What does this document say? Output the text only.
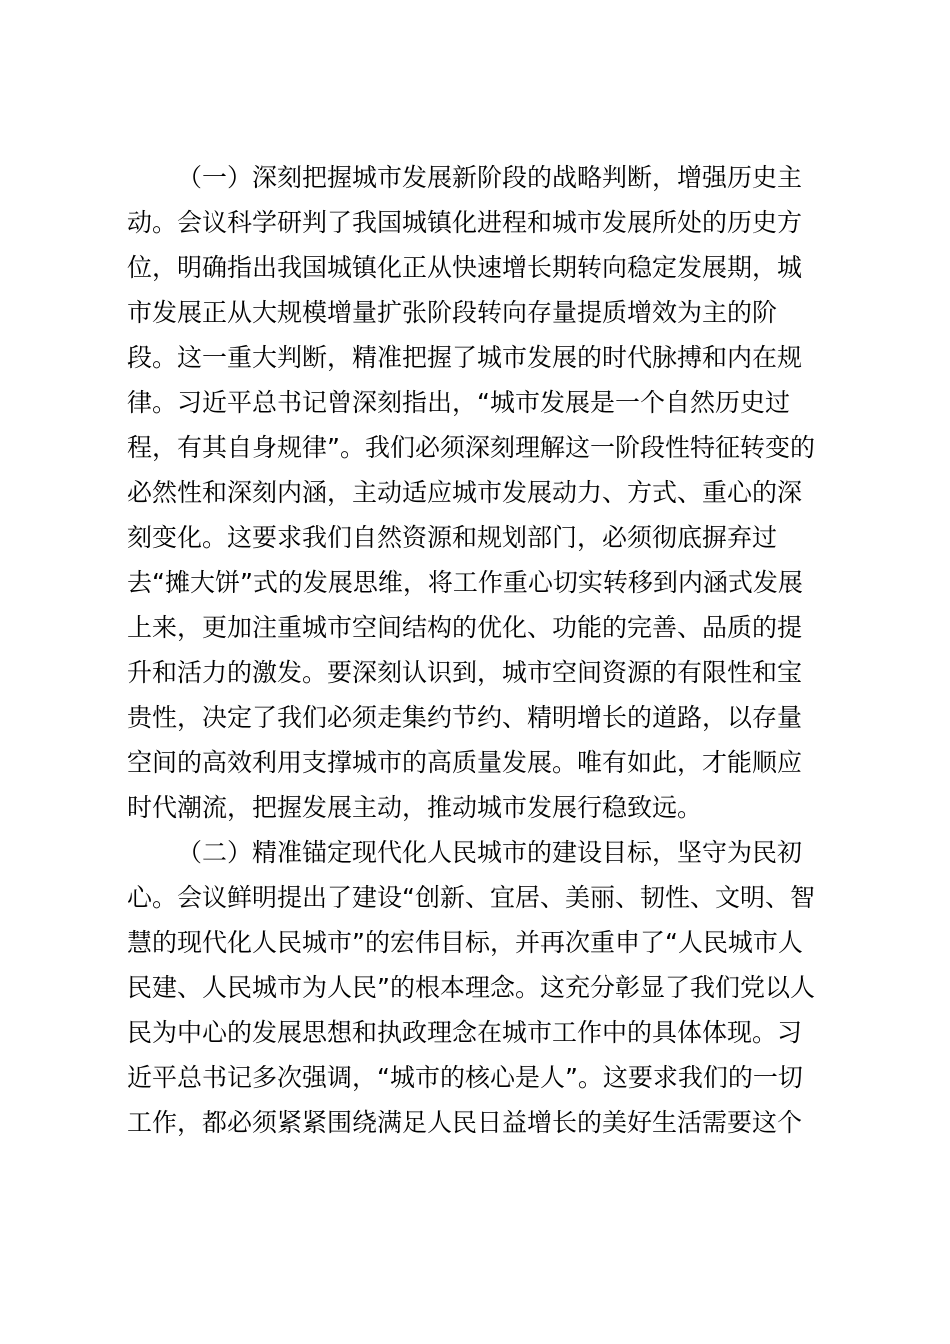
（一）深刻把握城市发展新阶段的战略判断，增强历史主
动。会议科学研判了我国城镇化进程和城市发展所处的历史方
位，明确指出我国城镇化正从快速增长期转向稳定发展期，城
市发展正从大规模增量扩张阶段转向存量提质增效为主的阶
段。这一重大判断，精准把握了城市发展的时代脉搏和内在规
律。习近平总书记曾深刻指出，“城市发展是一个自然历史过
程，有其自身规律”。我们必须深刻理解这一阶段性特征转变的
必然性和深刻内涵，主动适应城市发展动力、方式、重心的深
刻变化。这要求我们自然资源和规划部门，必须彻底摒弃过
去“摊大饼”式的发展思维，将工作重心切实转移到内涵式发展
上来，更加注重城市空间结构的优化、功能的完善、品质的提
升和活力的激发。要深刻认识到，城市空间资源的有限性和宝
贵性，决定了我们必须走集约节约、精明增长的道路，以存量
空间的高效利用支撑城市的高质量发展。唯有如此，才能顺应
时代潮流，把握发展主动，推动城市发展行稳致远。
（二）精准锚定现代化人民城市的建设目标，坚守为民初
心。会议鲜明提出了建设“创新、宜居、美丽、韧性、文明、智
慧的现代化人民城市”的宏伟目标，并再次重申了“人民城市人
民建、人民城市为人民”的根本理念。这充分彰显了我们党以人
民为中心的发展思想和执政理念在城市工作中的具体体现。习
近平总书记多次强调，“城市的核心是人”。这要求我们的一切
工作，都必须紧紧围绕满足人民日益增长的美好生活需要这个
